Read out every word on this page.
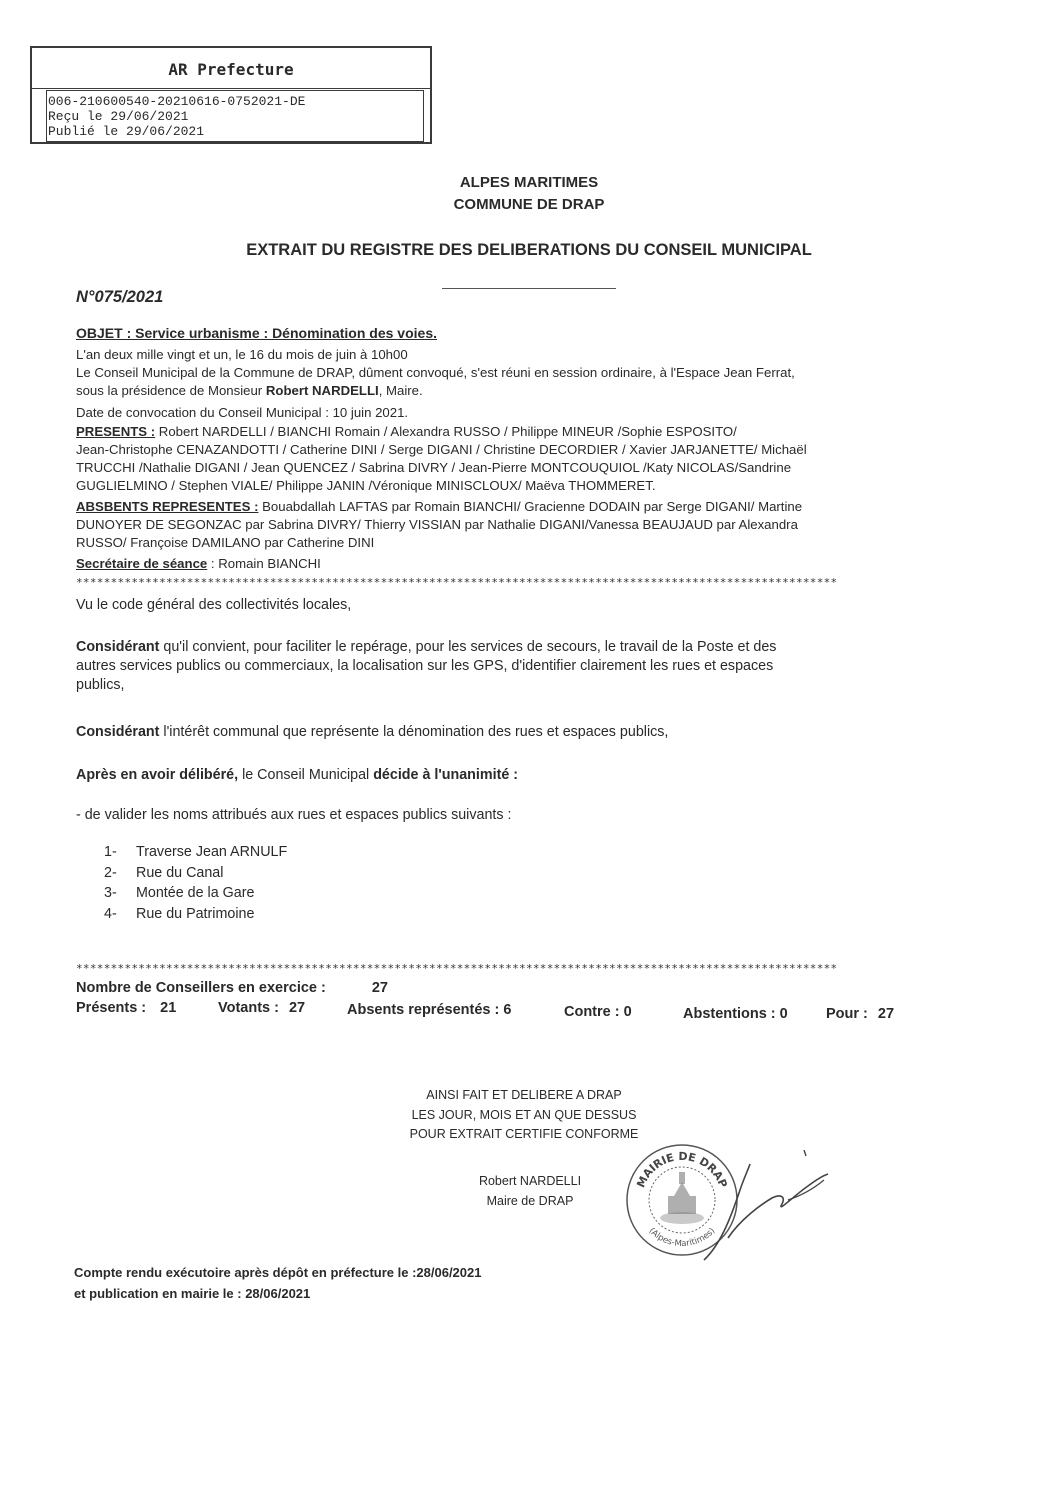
AR Prefecture
006-210600540-20210616-0752021-DE
Reçu le 29/06/2021
Publié le 29/06/2021
ALPES MARITIMES
COMMUNE DE DRAP
EXTRAIT DU REGISTRE DES DELIBERATIONS DU CONSEIL MUNICIPAL
N°075/2021
OBJET : Service urbanisme : Dénomination des voies.
L'an deux mille vingt et un, le 16 du mois de juin à 10h00
Le Conseil Municipal de la Commune de DRAP, dûment convoqué, s'est réuni en session ordinaire, à l'Espace Jean Ferrat,
sous la présidence de Monsieur Robert NARDELLI, Maire.
Date de convocation du Conseil Municipal : 10 juin 2021.
PRESENTS : Robert NARDELLI / BIANCHI Romain / Alexandra RUSSO / Philippe MINEUR /Sophie ESPOSITO/
Jean-Christophe CENAZANDOTTI / Catherine DINI / Serge DIGANI / Christine DECORDIER / Xavier JARJANETTE/ Michaël
TRUCCHI /Nathalie DIGANI / Jean QUENCEZ / Sabrina DIVRY / Jean-Pierre MONTCOUQUIOL /Katy NICOLAS/Sandrine
GUGLIELMINO / Stephen VIALE/ Philippe JANIN /Véronique MINISCLOUX/ Maëva THOMMERET.
ABSBENTS REPRESENTES : Bouabdallah LAFTAS par Romain BIANCHI/ Gracienne DODAIN par Serge DIGANI/ Martine
DUNOYER DE SEGONZAC par Sabrina DIVRY/ Thierry VISSIAN par Nathalie DIGANI/Vanessa BEAUJAUD par Alexandra
RUSSO/ Françoise DAMILANO par Catherine DINI
Secrétaire de séance : Romain BIANCHI
**************************************************************************************************************
Vu le code général des collectivités locales,
Considérant qu'il convient, pour faciliter le repérage, pour les services de secours, le travail de la Poste et des
autres services publics ou commerciaux, la localisation sur les GPS, d'identifier clairement les rues et espaces
publics,
Considérant l'intérêt communal que représente la dénomination des rues et espaces publics,
Après en avoir délibéré, le Conseil Municipal décide à l'unanimité :
- de valider les noms attribués aux rues et espaces publics suivants :
1- Traverse Jean ARNULF
2- Rue du Canal
3- Montée de la Gare
4- Rue du Patrimoine
**************************************************************************************************************
Nombre de Conseillers en exercice :	27
Présents : 21	Votants : 27	Absents représentés : 6	Contre : 0	Abstentions : 0	Pour : 27
AINSI FAIT ET DELIBERE A DRAP
LES JOUR, MOIS ET AN QUE DESSUS
POUR EXTRAIT CERTIFIE CONFORME
Robert NARDELLI
Maire de DRAP
MAIRIE DE DRAP
(Alpes-Maritimes)
Compte rendu exécutoire après dépôt en préfecture le :28/06/2021
et publication en mairie le : 28/06/2021
